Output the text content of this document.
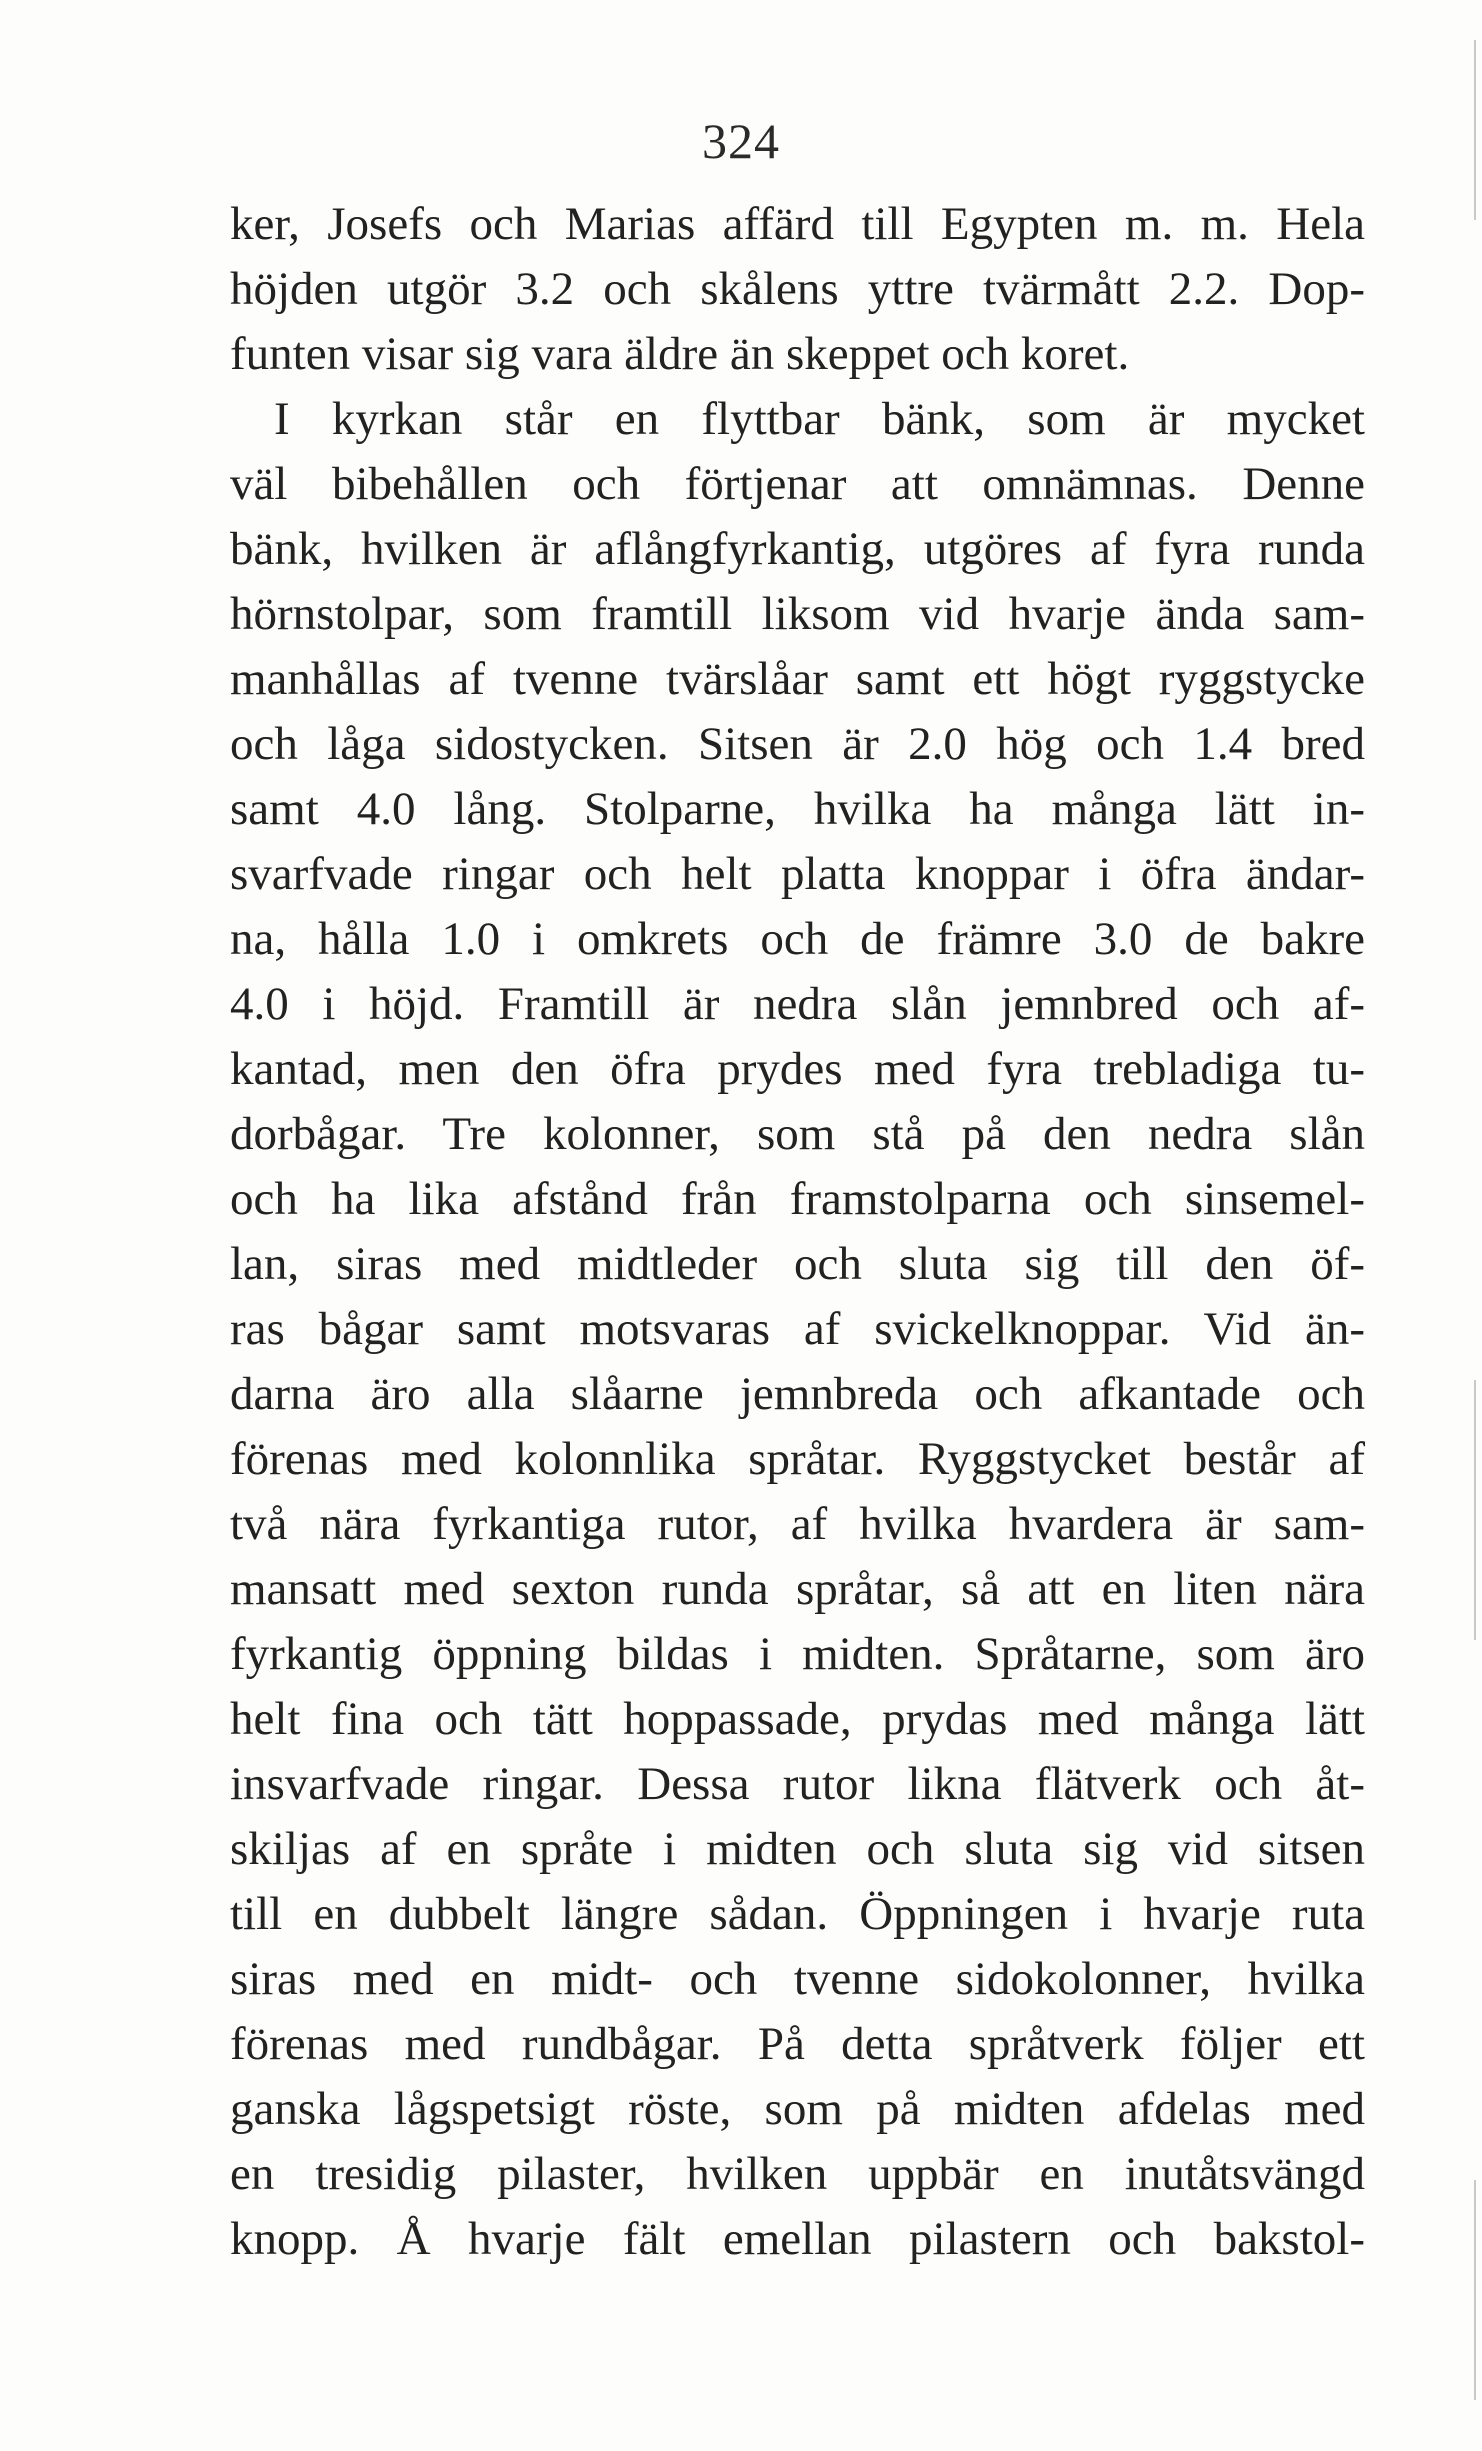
324
ker, Josefs och Marias affärd till Egypten m. m. Hela
höjden utgör 3.2 och skålens yttre tvärmått 2.2. Dop-
funten visar sig vara äldre än skeppet och koret.
I kyrkan står en flyttbar bänk, som är mycket
väl bibehållen och förtjenar att omnämnas. Denne
bänk, hvilken är aflångfyrkantig, utgöres af fyra runda
hörnstolpar, som framtill liksom vid hvarje ända sam-
manhållas af tvenne tvärslåar samt ett högt ryggstycke
och låga sidostycken. Sitsen är 2.0 hög och 1.4 bred
samt 4.0 lång. Stolparne, hvilka ha många lätt in-
svarfvade ringar och helt platta knoppar i öfra ändar-
na, hålla 1.0 i omkrets och de främre 3.0 de bakre
4.0 i höjd. Framtill är nedra slån jemnbred och af-
kantad, men den öfra prydes med fyra trebladiga tu-
dorbågar. Tre kolonner, som stå på den nedra slån
och ha lika afstånd från framstolparna och sinsemel-
lan, siras med midtleder och sluta sig till den öf-
ras bågar samt motsvaras af svickelknoppar. Vid än-
darna äro alla slåarne jemnbreda och afkantade och
förenas med kolonnlika språtar. Ryggstycket består af
två nära fyrkantiga rutor, af hvilka hvardera är sam-
mansatt med sexton runda språtar, så att en liten nära
fyrkantig öppning bildas i midten. Språtarne, som äro
helt fina och tätt hoppassade, prydas med många lätt
insvarfvade ringar. Dessa rutor likna flätverk och åt-
skiljas af en språte i midten och sluta sig vid sitsen
till en dubbelt längre sådan. Öppningen i hvarje ruta
siras med en midt- och tvenne sidokolonner, hvilka
förenas med rundbågar. På detta språtverk följer ett
ganska lågspetsigt röste, som på midten afdelas med
en tresidig pilaster, hvilken uppbär en inutåtsvängd
knopp. Å hvarje fält emellan pilastern och bakstol-
